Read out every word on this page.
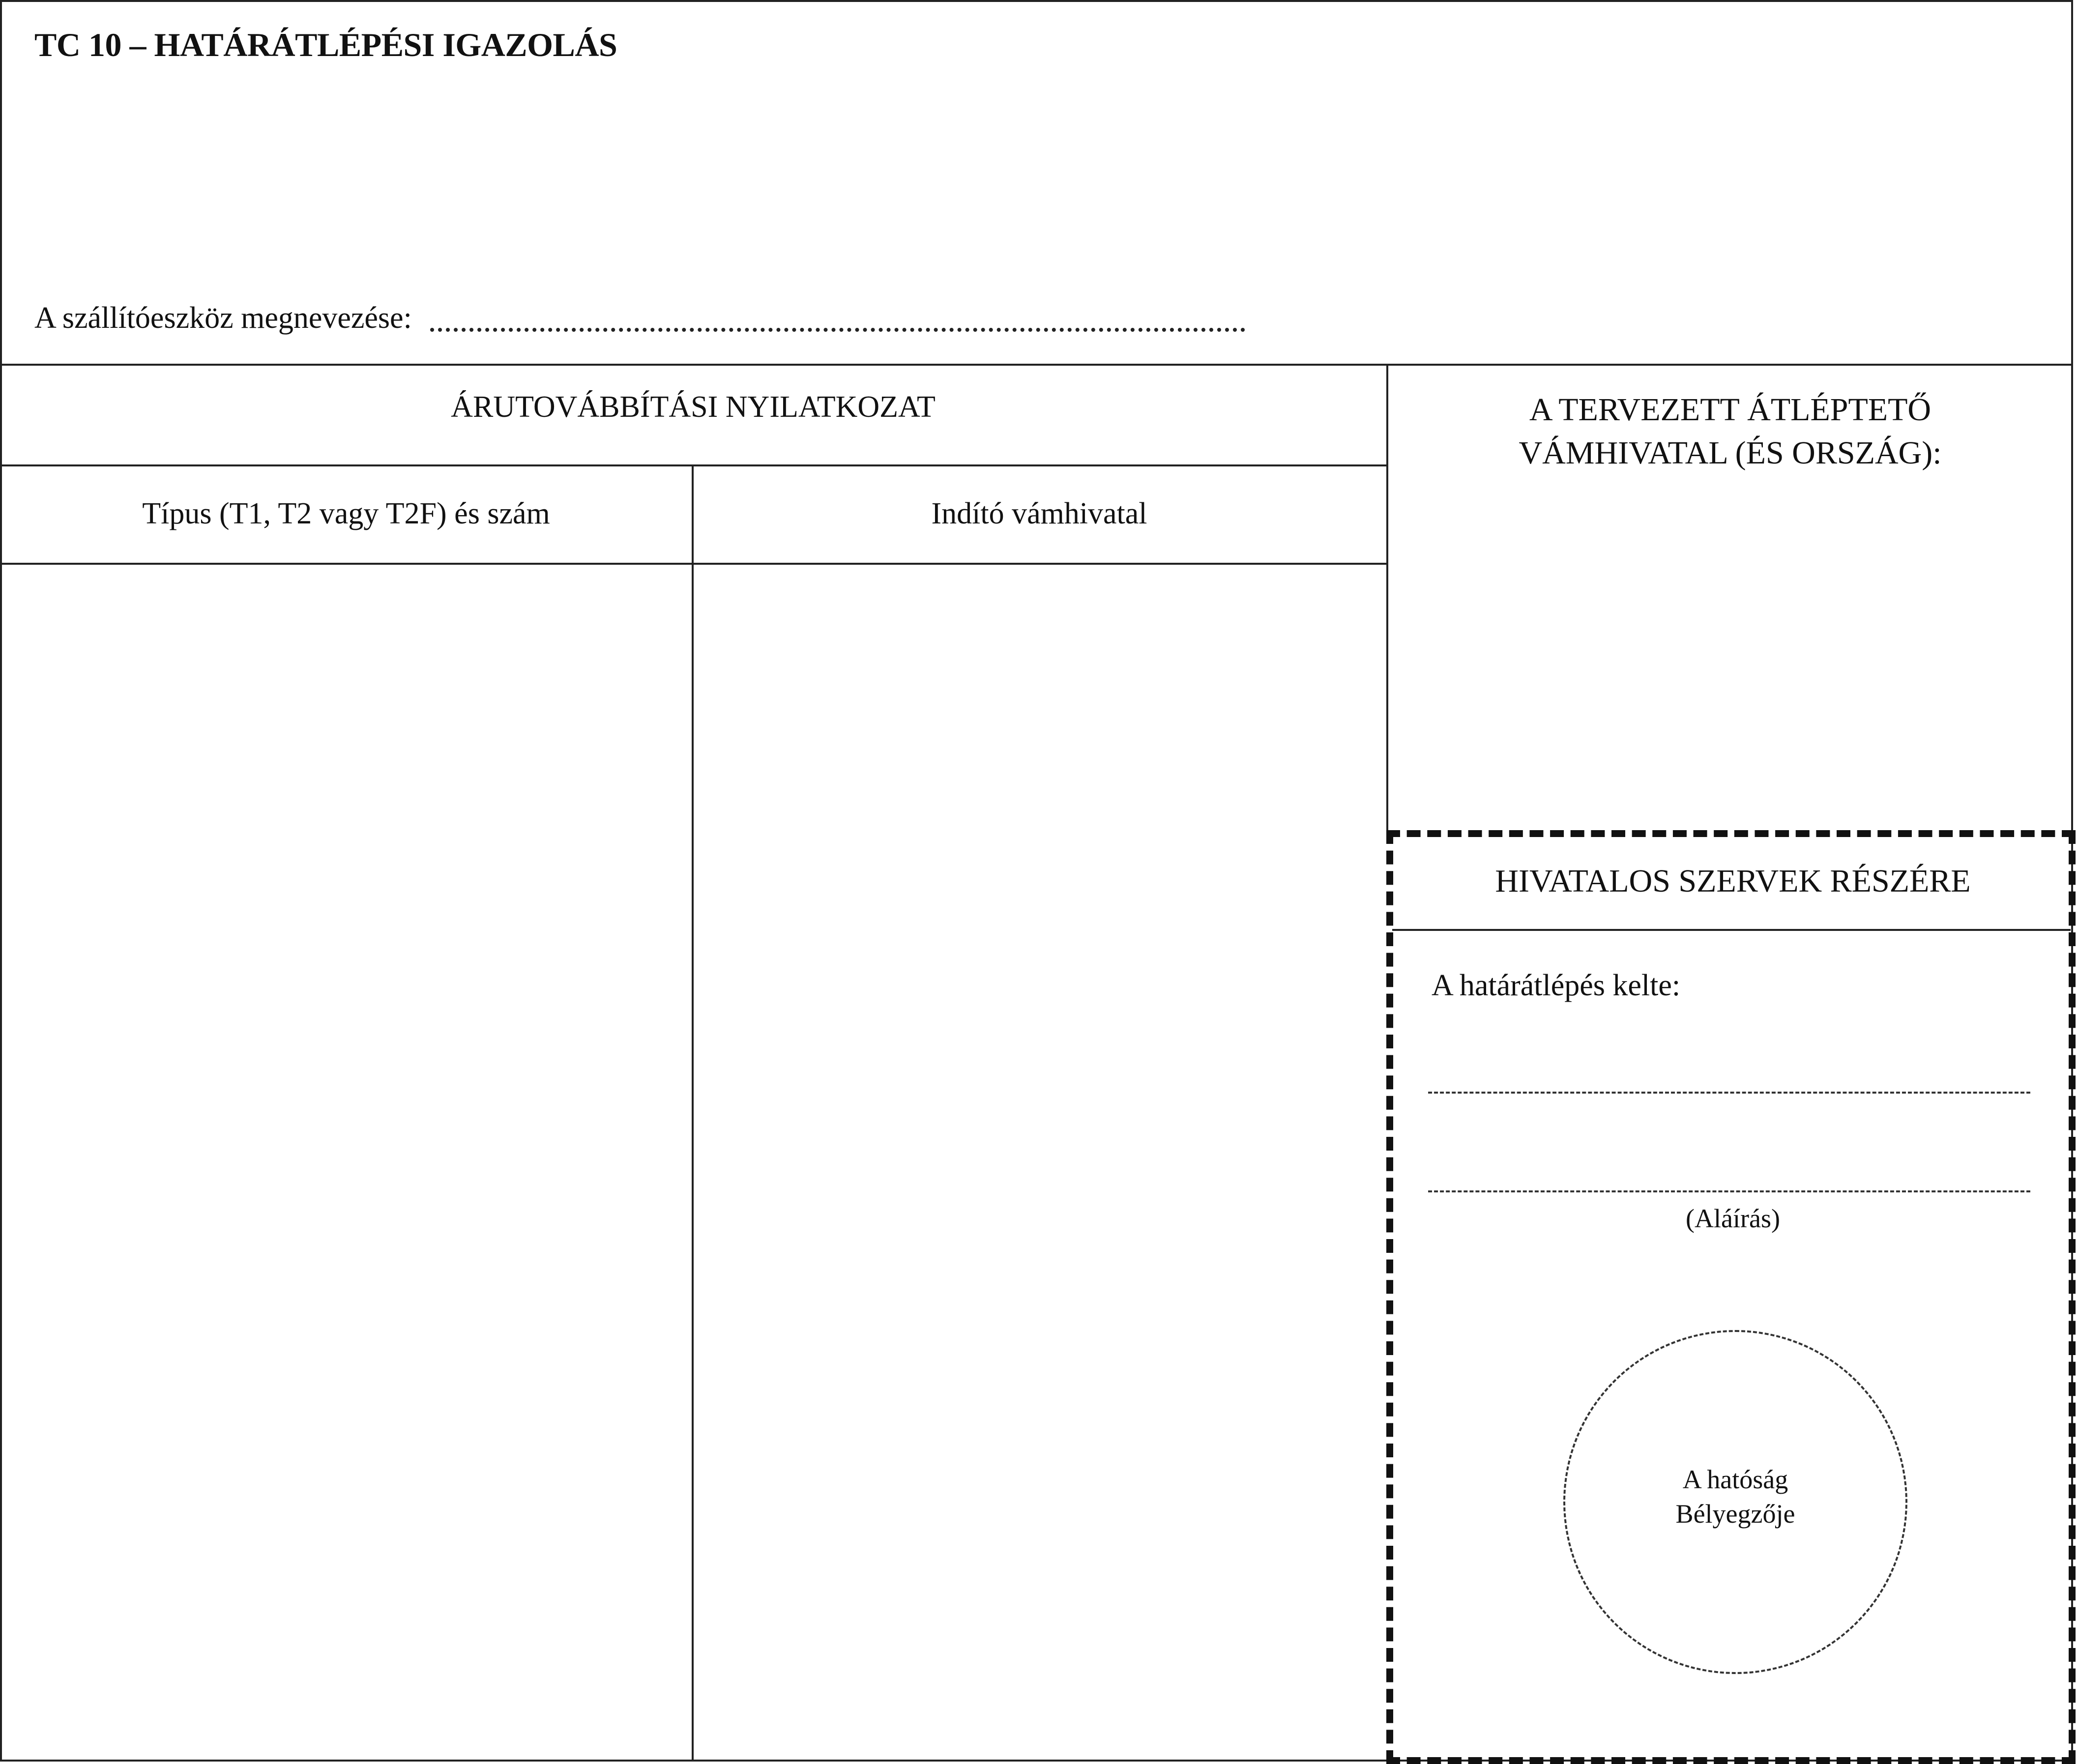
TC 10 – HATÁRÁTLÉPÉSI IGAZOLÁS
A szállítóeszköz megnevezése:
ÁRUTOVÁBBÍTÁSI NYILATKOZAT
Típus (T1, T2 vagy T2F) és szám	Indító vámhivatal
A TERVEZETT ÁTLÉPTETŐ
VÁMHIVATAL (ÉS ORSZÁG):
HIVATALOS SZERVEK RÉSZÉRE
A határátlépés kelte:
(Aláírás)
A hatóság
Bélyegzője
